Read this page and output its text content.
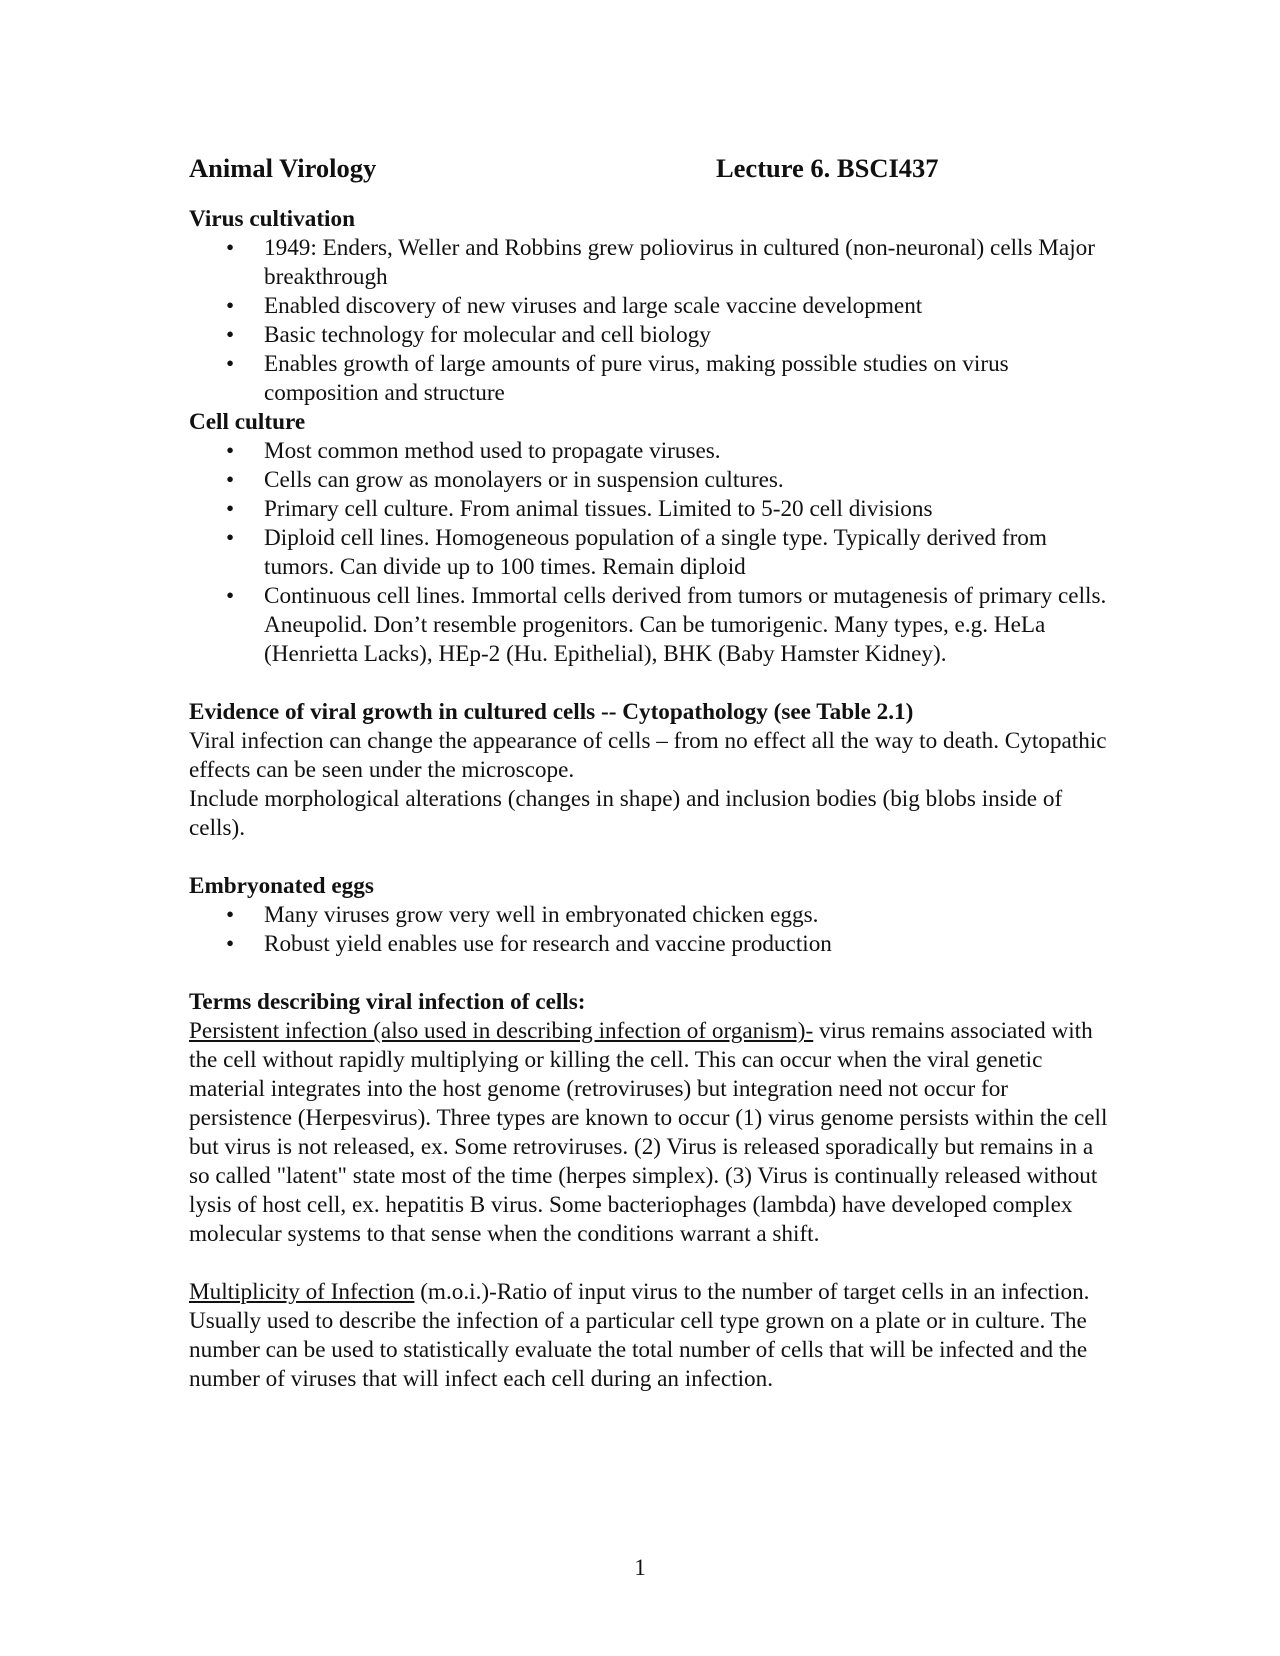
Animal Virology	Lecture 6. BSCI437

Virus cultivation

• 1949: Enders, Weller and Robbins grew poliovirus in cultured (non-neuronal) cells Major breakthrough
• Enabled discovery of new viruses and large scale vaccine development
• Basic technology for molecular and cell biology
• Enables growth of large amounts of pure virus, making possible studies on virus composition and structure

Cell culture

• Most common method used to propagate viruses.
• Cells can grow as monolayers or in suspension cultures.
• Primary cell culture. From animal tissues. Limited to 5-20 cell divisions
• Diploid cell lines. Homogeneous population of a single type. Typically derived from tumors. Can divide up to 100 times. Remain diploid
• Continuous cell lines. Immortal cells derived from tumors or mutagenesis of primary cells. Aneupolid. Don’t resemble progenitors. Can be tumorigenic. Many types, e.g. HeLa (Henrietta Lacks), HEp-2 (Hu. Epithelial), BHK (Baby Hamster Kidney).

Evidence of viral growth in cultured cells -- Cytopathology (see Table 2.1)

Viral infection can change the appearance of cells – from no effect all the way to death. Cytopathic effects can be seen under the microscope.

Include morphological alterations (changes in shape) and inclusion bodies (big blobs inside of cells).

Embryonated eggs

• Many viruses grow very well in embryonated chicken eggs.
• Robust yield enables use for research and vaccine production

Terms describing viral infection of cells:

Persistent infection (also used in describing infection of organism)- virus remains associated with the cell without rapidly multiplying or killing the cell. This can occur when the viral genetic material integrates into the host genome (retroviruses) but integration need not occur for persistence (Herpesvirus). Three types are known to occur (1) virus genome persists within the cell but virus is not released, ex. Some retroviruses. (2) Virus is released sporadically but remains in a so called "latent" state most of the time (herpes simplex). (3) Virus is continually released without lysis of host cell, ex. hepatitis B virus. Some bacteriophages (lambda) have developed complex molecular systems to that sense when the conditions warrant a shift.

Multiplicity of Infection (m.o.i.)-Ratio of input virus to the number of target cells in an infection. Usually used to describe the infection of a particular cell type grown on a plate or in culture. The number can be used to statistically evaluate the total number of cells that will be infected and the number of viruses that will infect each cell during an infection.

1
